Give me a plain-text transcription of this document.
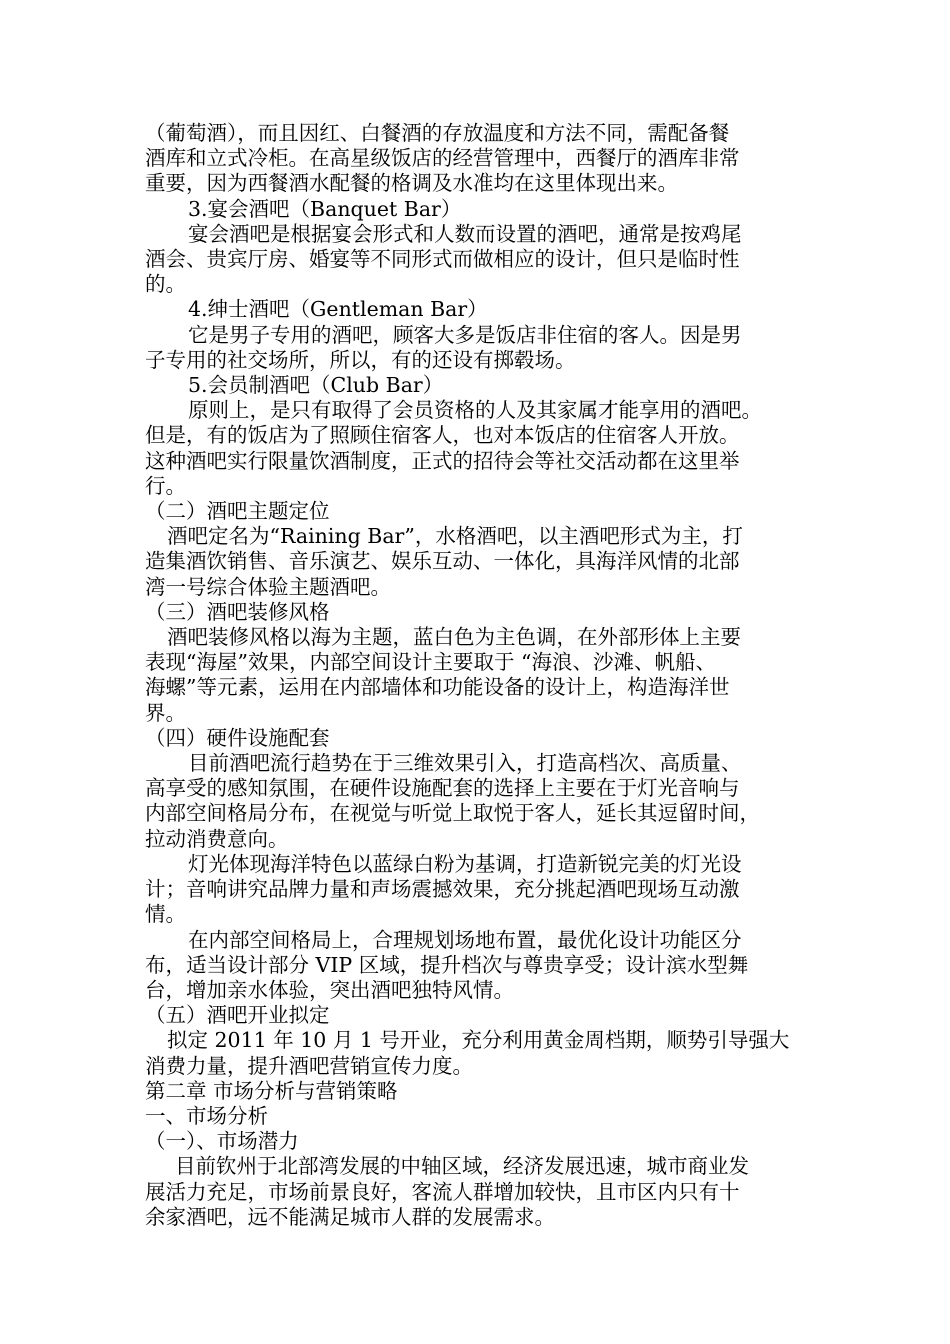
（葡萄酒），而且因红、白餐酒的存放温度和方法不同，需配备餐
酒库和立式冷柜。在高星级饭店的经营管理中，西餐厅的酒库非常
重要，因为西餐酒水配餐的格调及水准均在这里体现出来。
3.宴会酒吧（Banquet Bar）
宴会酒吧是根据宴会形式和人数而设置的酒吧，通常是按鸡尾
酒会、贵宾厅房、婚宴等不同形式而做相应的设计，但只是临时性
的。
4.绅士酒吧（Gentleman Bar）
它是男子专用的酒吧，顾客大多是饭店非住宿的客人。因是男
子专用的社交场所，所以，有的还设有掷毂场。
5.会员制酒吧（Club Bar）
原则上，是只有取得了会员资格的人及其家属才能享用的酒吧。
但是，有的饭店为了照顾住宿客人，也对本饭店的住宿客人开放。
这种酒吧实行限量饮酒制度，正式的招待会等社交活动都在这里举
行。
（二）酒吧主题定位
酒吧定名为“Raining Bar”，水格酒吧，以主酒吧形式为主，打
造集酒饮销售、音乐演艺、娱乐互动、一体化，具海洋风情的北部
湾一号综合体验主题酒吧。
（三）酒吧装修风格
酒吧装修风格以海为主题，蓝白色为主色调，在外部形体上主要
表现“海屋”效果，内部空间设计主要取于 “海浪、沙滩、帆船、
海螺”等元素，运用在内部墙体和功能设备的设计上，构造海洋世
界。
（四）硬件设施配套
目前酒吧流行趋势在于三维效果引入，打造高档次、高质量、
高享受的感知氛围，在硬件设施配套的选择上主要在于灯光音响与
内部空间格局分布，在视觉与听觉上取悦于客人，延长其逗留时间，
拉动消费意向。
灯光体现海洋特色以蓝绿白粉为基调，打造新锐完美的灯光设
计；音响讲究品牌力量和声场震撼效果，充分挑起酒吧现场互动激
情。
在内部空间格局上，合理规划场地布置，最优化设计功能区分
布，适当设计部分 VIP 区域，提升档次与尊贵享受；设计滨水型舞
台，增加亲水体验，突出酒吧独特风情。
（五）酒吧开业拟定
拟定 2011 年 10 月 1 号开业，充分利用黄金周档期，顺势引导强大
消费力量，提升酒吧营销宣传力度。
第二章 市场分析与营销策略
一、市场分析
（一）、市场潜力
目前钦州于北部湾发展的中轴区域，经济发展迅速，城市商业发
展活力充足，市场前景良好，客流人群增加较快，且市区内只有十
余家酒吧，远不能满足城市人群的发展需求。
